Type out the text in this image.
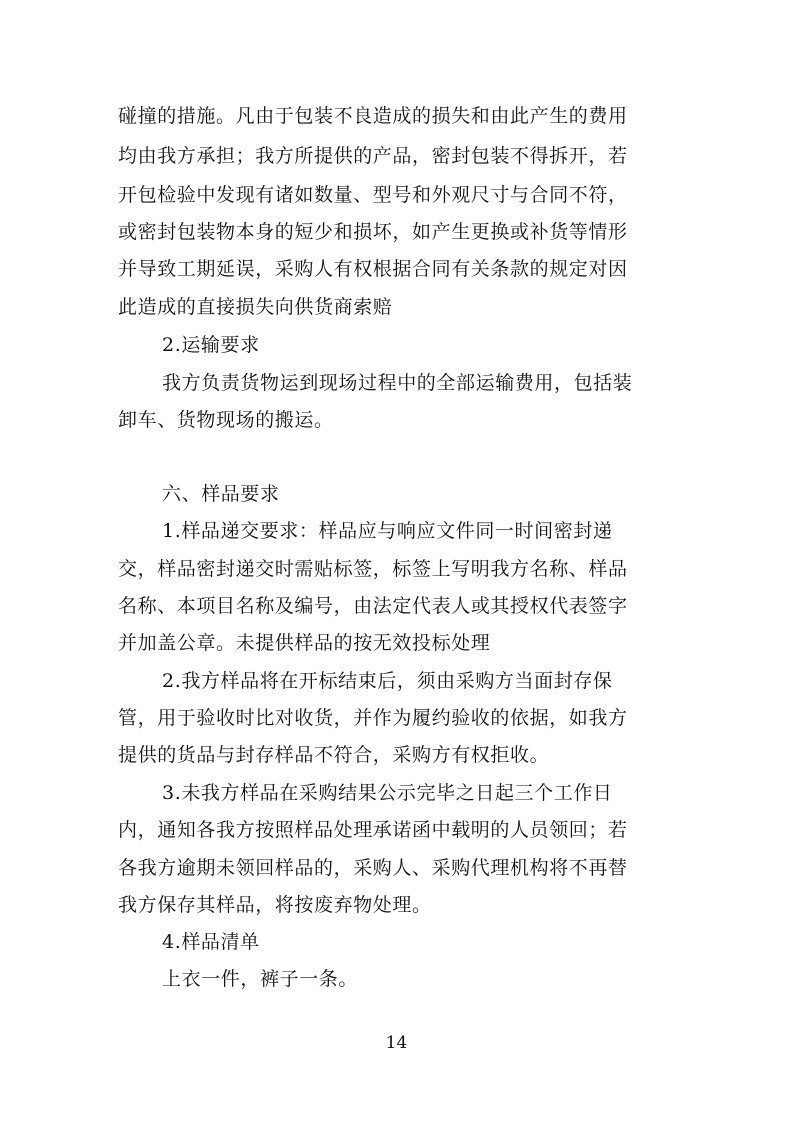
碰撞的措施。凡由于包装不良造成的损失和由此产生的费用
均由我方承担；我方所提供的产品，密封包装不得拆开，若
开包检验中发现有诸如数量、型号和外观尺寸与合同不符，
或密封包装物本身的短少和损坏，如产生更换或补货等情形
并导致工期延误，采购人有权根据合同有关条款的规定对因
此造成的直接损失向供货商索赔
2.运输要求
我方负责货物运到现场过程中的全部运输费用，包括装
卸车、货物现场的搬运。
六、样品要求
1.样品递交要求：样品应与响应文件同一时间密封递
交，样品密封递交时需贴标签，标签上写明我方名称、样品
名称、本项目名称及编号，由法定代表人或其授权代表签字
并加盖公章。未提供样品的按无效投标处理
2.我方样品将在开标结束后，须由采购方当面封存保
管，用于验收时比对收货，并作为履约验收的依据，如我方
提供的货品与封存样品不符合，采购方有权拒收。
3.未我方样品在采购结果公示完毕之日起三个工作日
内，通知各我方按照样品处理承诺函中载明的人员领回；若
各我方逾期未领回样品的，采购人、采购代理机构将不再替
我方保存其样品，将按废弃物处理。
4.样品清单
上衣一件，裤子一条。
14
